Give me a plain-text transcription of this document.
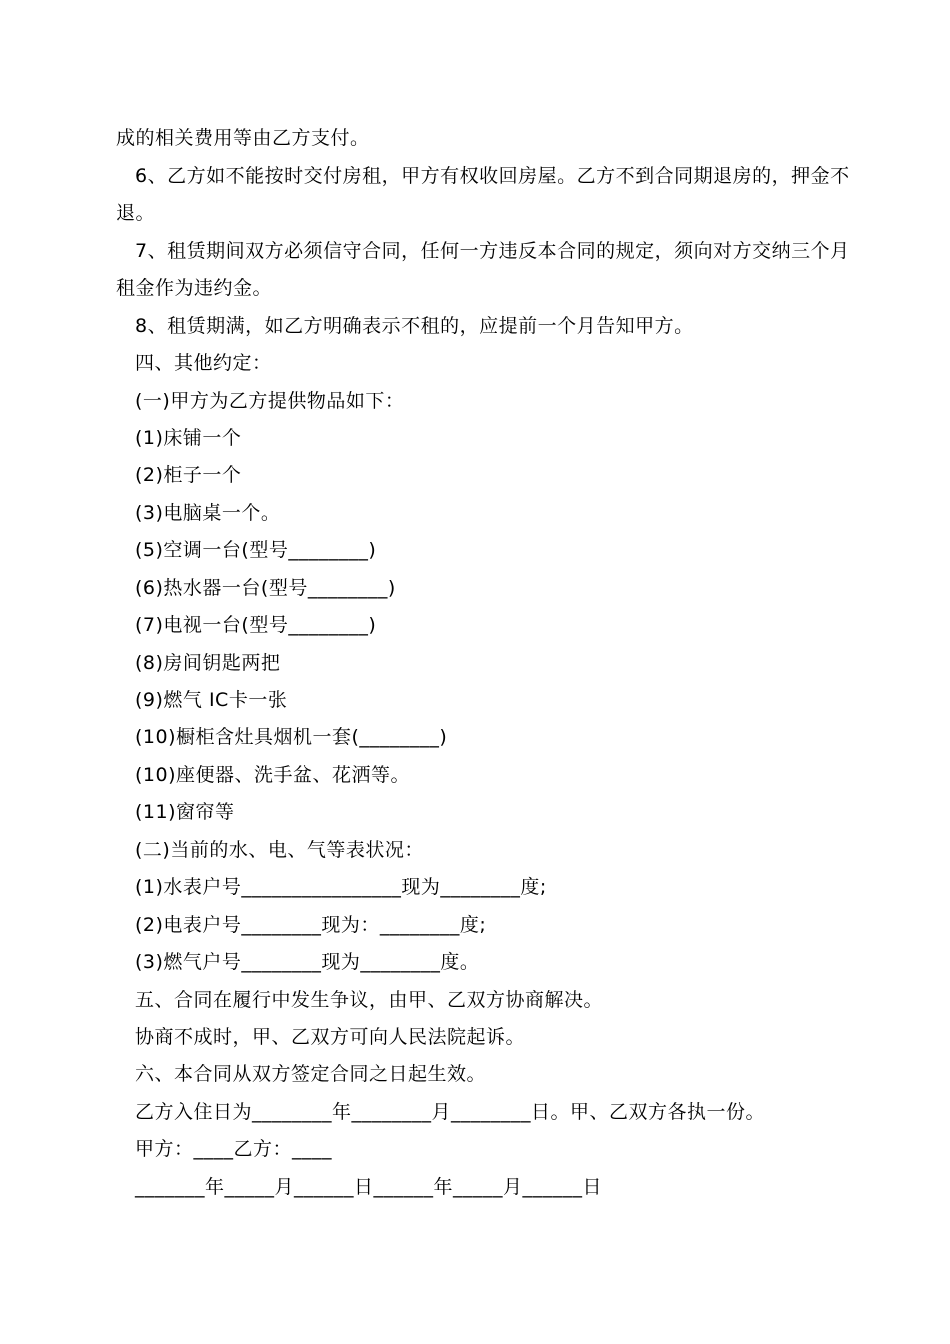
成的相关费用等由乙方支付。
6、乙方如不能按时交付房租，甲方有权收回房屋。乙方不到合同期退房的，押金不
退。
7、租赁期间双方必须信守合同，任何一方违反本合同的规定，须向对方交纳三个月
租金作为违约金。
8、租赁期满，如乙方明确表示不租的，应提前一个月告知甲方。
四、其他约定：
(一)甲方为乙方提供物品如下：
(1)床铺一个
(2)柜子一个
(3)电脑桌一个。
(5)空调一台(型号________)
(6)热水器一台(型号________)
(7)电视一台(型号________)
(8)房间钥匙两把
(9)燃气 IC卡一张
(10)橱柜含灶具烟机一套(________)
(10)座便器、洗手盆、花洒等。
(11)窗帘等
(二)当前的水、电、气等表状况：
(1)水表户号________________现为________度;
(2)电表户号________现为：________度;
(3)燃气户号________现为________度。
五、合同在履行中发生争议，由甲、乙双方协商解决。
协商不成时，甲、乙双方可向人民法院起诉。
六、本合同从双方签定合同之日起生效。
乙方入住日为________年________月________日。甲、乙双方各执一份。
甲方：____乙方：____
_______年_____月______日______年_____月______日
